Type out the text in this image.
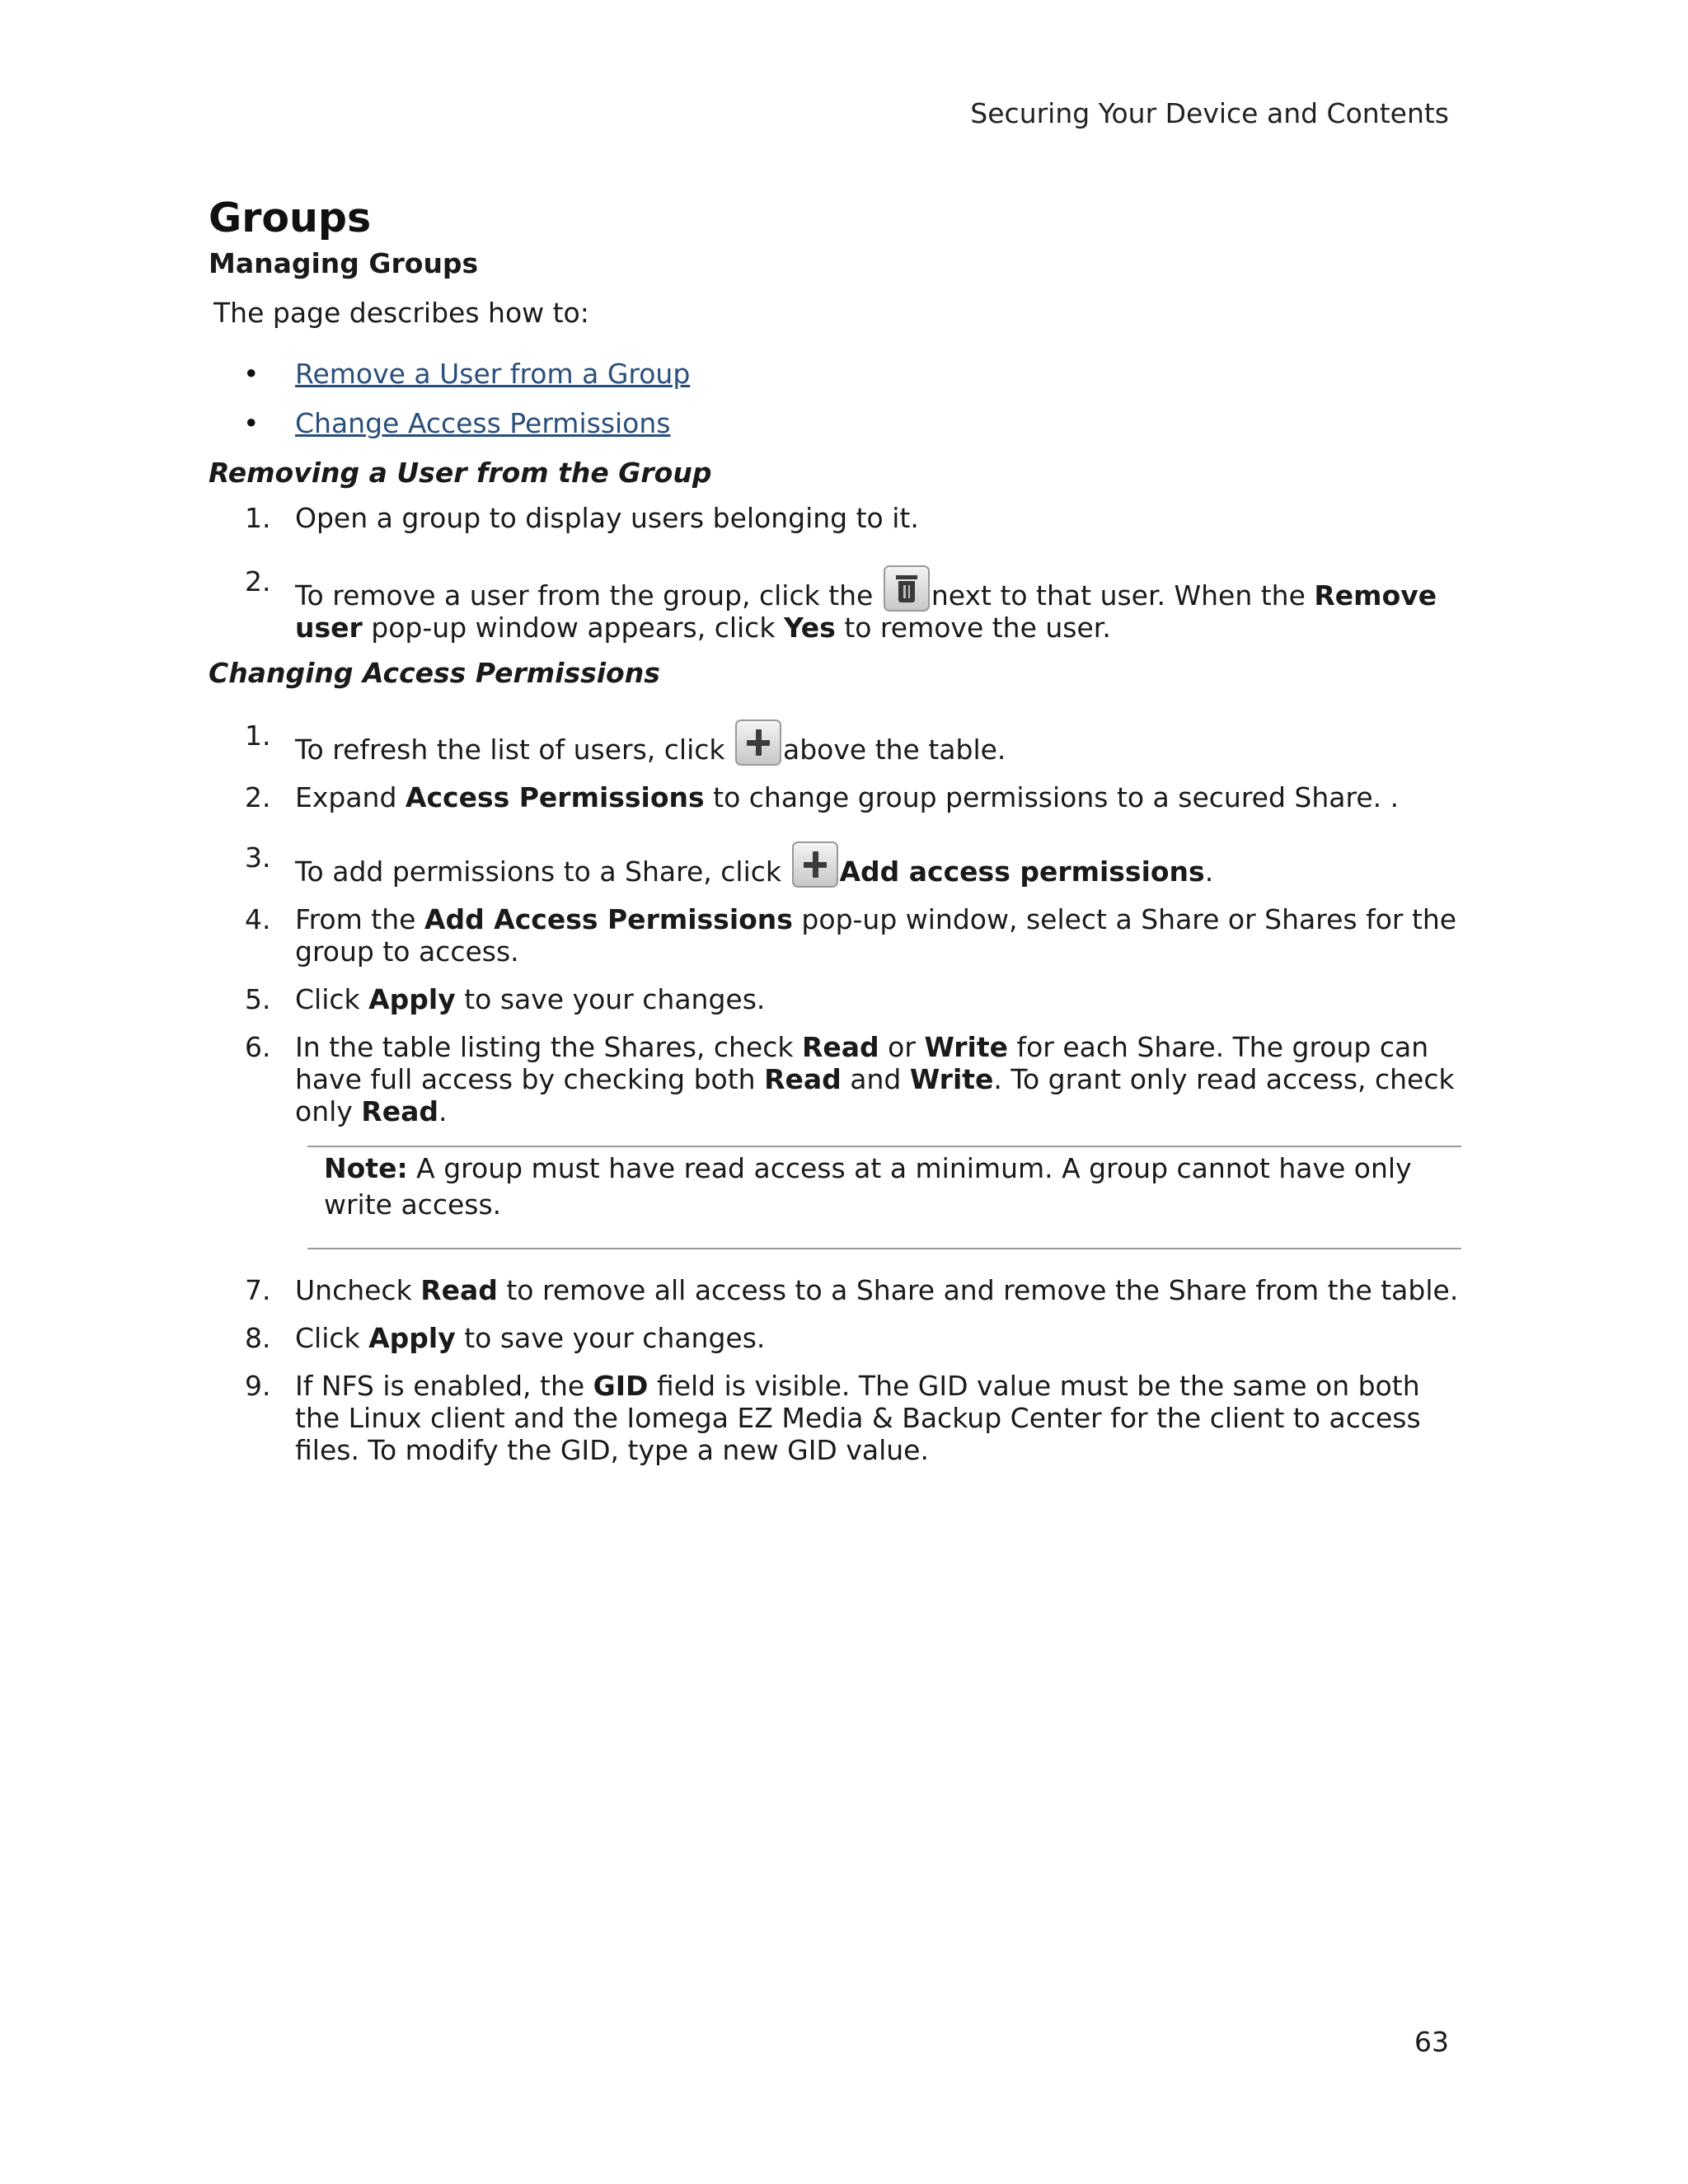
Securing Your Device and Contents
Groups
Managing Groups
The page describes how to:
• Remove a User from a Group
• Change Access Permissions
Removing a User from the Group
1. Open a group to display users belonging to it.
2. To remove a user from the group, click the
next to that user. When the Remove user pop-up window appears, click Yes to remove the user.
Changing Access Permissions
1. To refresh the list of users, click above the table.
2. Expand Access Permissions to change group permissions to a secured Share. .
3. To add permissions to a Share, click Add access permissions.
4. From the Add Access Permissions pop-up window, select a Share or Shares for the group to access.
5. Click Apply to save your changes.
6. In the table listing the Shares, check Read or Write for each Share. The group can have full access by checking both Read and Write. To grant only read access, check only Read.
Note: A group must have read access at a minimum. A group cannot have only write access.
7. Uncheck Read to remove all access to a Share and remove the Share from the table.
8. Click Apply to save your changes.
9. If NFS is enabled, the GID field is visible. The GID value must be the same on both the Linux client and the Iomega EZ Media & Backup Center for the client to access files. To modify the GID, type a new GID value.
63
